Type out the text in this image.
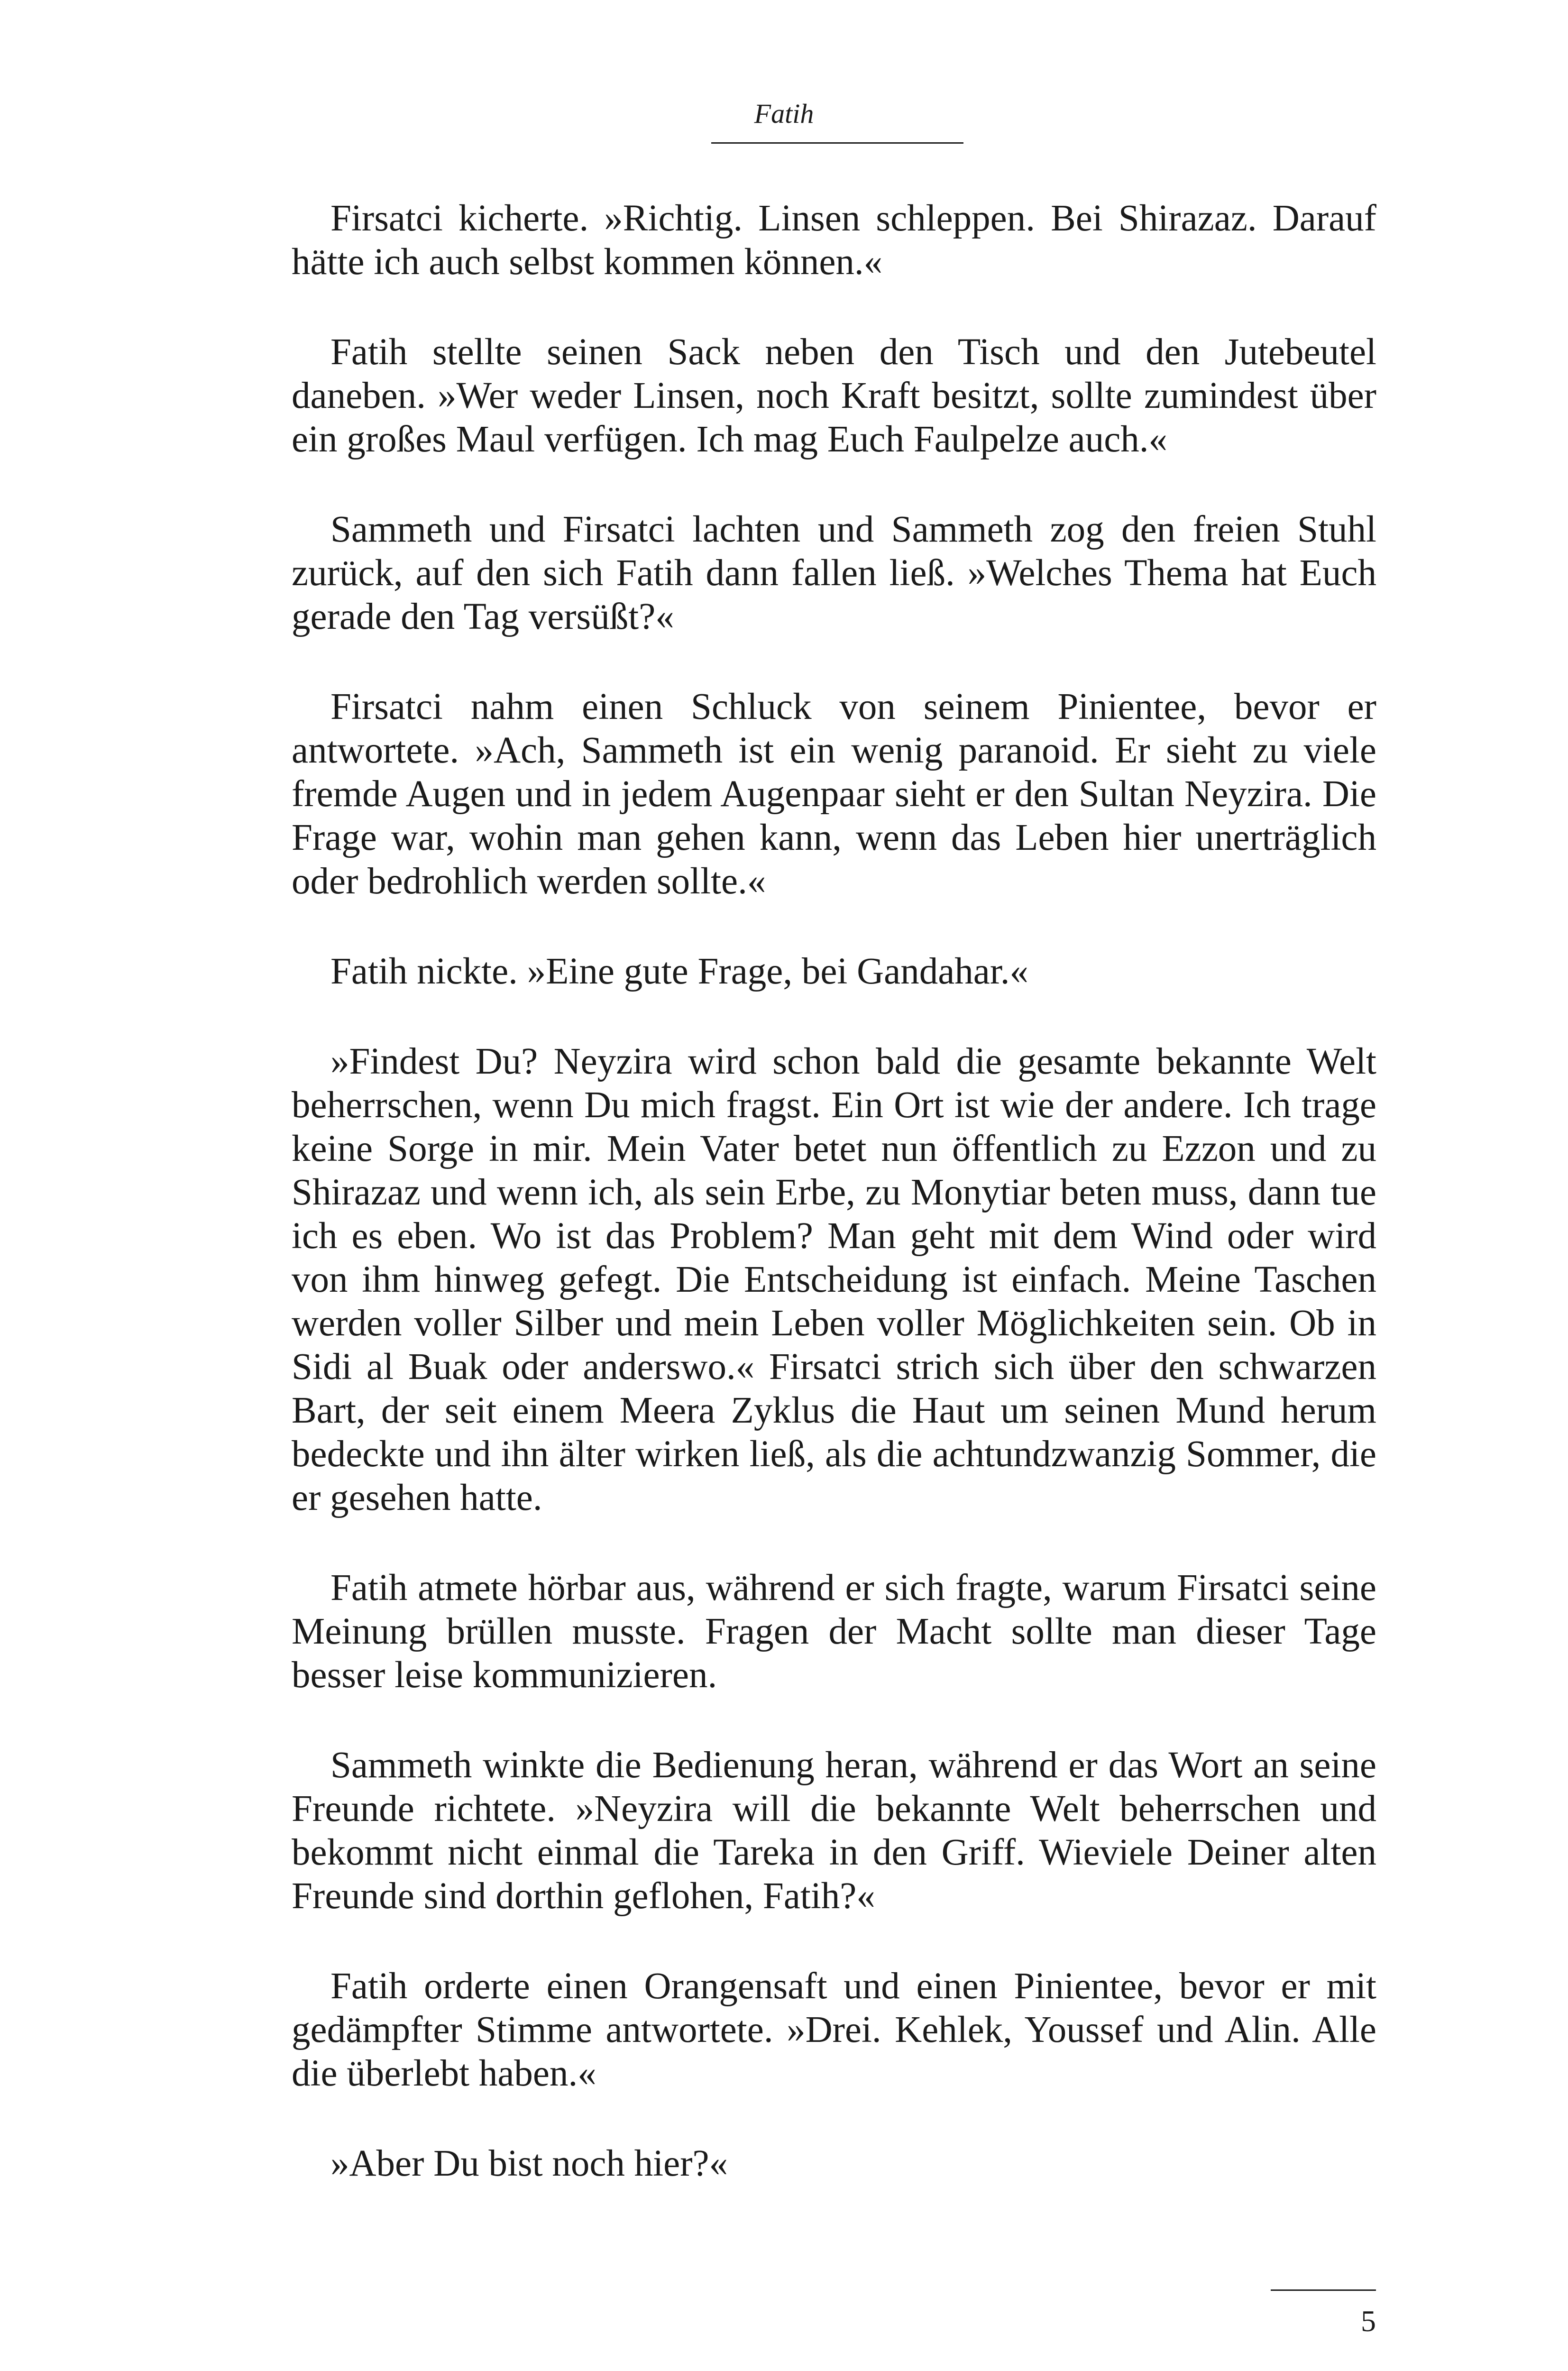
Fatih

Firsatci kicherte. »Richtig. Linsen schleppen. Bei Shirazaz. Darauf hätte ich auch selbst kommen können.«

Fatih stellte seinen Sack neben den Tisch und den Jutebeutel daneben. »Wer weder Linsen, noch Kraft besitzt, sollte zumindest über ein großes Maul verfügen. Ich mag Euch Faulpelze auch.«

Sammeth und Firsatci lachten und Sammeth zog den freien Stuhl zurück, auf den sich Fatih dann fallen ließ. »Welches Thema hat Euch gerade den Tag versüßt?«

Firsatci nahm einen Schluck von seinem Pinientee, bevor er antwortete. »Ach, Sammeth ist ein wenig paranoid. Er sieht zu viele fremde Augen und in jedem Augenpaar sieht er den Sultan Neyzira. Die Frage war, wohin man gehen kann, wenn das Leben hier unerträglich oder bedrohlich werden sollte.«

Fatih nickte. »Eine gute Frage, bei Gandahar.«

»Findest Du? Neyzira wird schon bald die gesamte bekannte Welt beherrschen, wenn Du mich fragst. Ein Ort ist wie der andere. Ich trage keine Sorge in mir. Mein Vater betet nun öffentlich zu Ezzon und zu Shirazaz und wenn ich, als sein Erbe, zu Monytiar beten muss, dann tue ich es eben. Wo ist das Problem? Man geht mit dem Wind oder wird von ihm hinweg gefegt. Die Entscheidung ist einfach. Meine Taschen werden voller Silber und mein Leben voller Möglichkeiten sein. Ob in Sidi al Buak oder anderswo.« Firsatci strich sich über den schwarzen Bart, der seit einem Meera Zyklus die Haut um seinen Mund herum bedeckte und ihn älter wirken ließ, als die achtundzwanzig Sommer, die er gesehen hatte.

Fatih atmete hörbar aus, während er sich fragte, warum Firsatci seine Meinung brüllen musste. Fragen der Macht sollte man dieser Tage besser leise kommunizieren.

Sammeth winkte die Bedienung heran, während er das Wort an seine Freunde richtete. »Neyzira will die bekannte Welt beherrschen und bekommt nicht einmal die Tareka in den Griff. Wieviele Deiner alten Freunde sind dorthin geflohen, Fatih?«

Fatih orderte einen Orangensaft und einen Pinientee, bevor er mit gedämpfter Stimme antwortete. »Drei. Kehlek, Youssef und Alin. Alle die überlebt haben.«

»Aber Du bist noch hier?«

5
